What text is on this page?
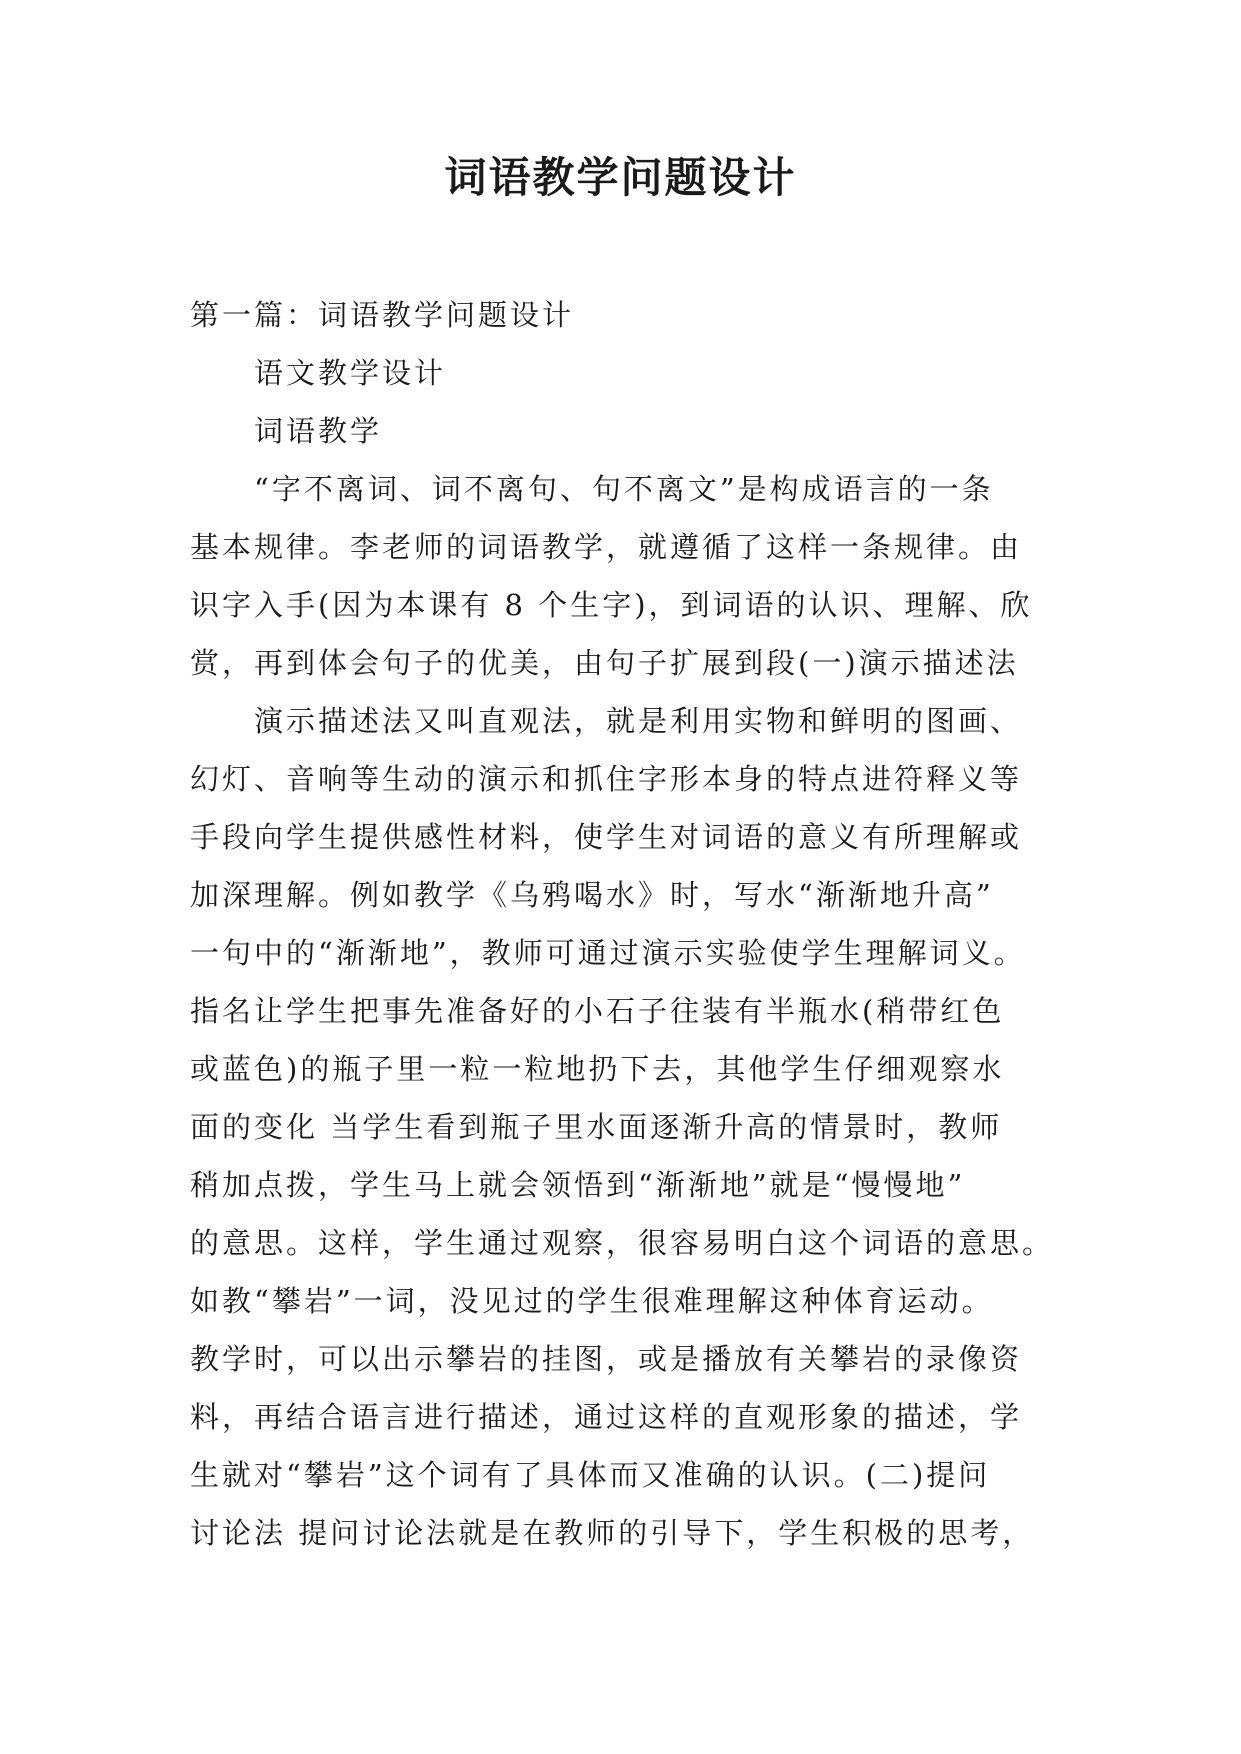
词语教学问题设计

第一篇：词语教学问题设计

语文教学设计

词语教学

“字不离词、词不离句、句不离文”是构成语言的一条
基本规律。李老师的词语教学，就遵循了这样一条规律。由
识字入手(因为本课有 8 个生字)，到词语的认识、理解、欣
赏，再到体会句子的优美，由句子扩展到段(一)演示描述法

演示描述法又叫直观法，就是利用实物和鲜明的图画、
幻灯、音响等生动的演示和抓住字形本身的特点进符释义等
手段向学生提供感性材料，使学生对词语的意义有所理解或
加深理解。例如教学《乌鸦喝水》时，写水“渐渐地升高”
一句中的“渐渐地”，教师可通过演示实验使学生理解词义。
指名让学生把事先准备好的小石子往装有半瓶水(稍带红色
或蓝色)的瓶子里一粒一粒地扔下去，其他学生仔细观察水
面的变化 当学生看到瓶子里水面逐渐升高的情景时，教师
稍加点拨，学生马上就会领悟到“渐渐地”就是“慢慢地”
的意思。这样，学生通过观察，很容易明白这个词语的意思。
如教“攀岩”一词，没见过的学生很难理解这种体育运动。
教学时，可以出示攀岩的挂图，或是播放有关攀岩的录像资
料，再结合语言进行描述，通过这样的直观形象的描述，学
生就对“攀岩”这个词有了具体而又准确的认识。(二)提问
讨论法 提问讨论法就是在教师的引导下，学生积极的思考，
